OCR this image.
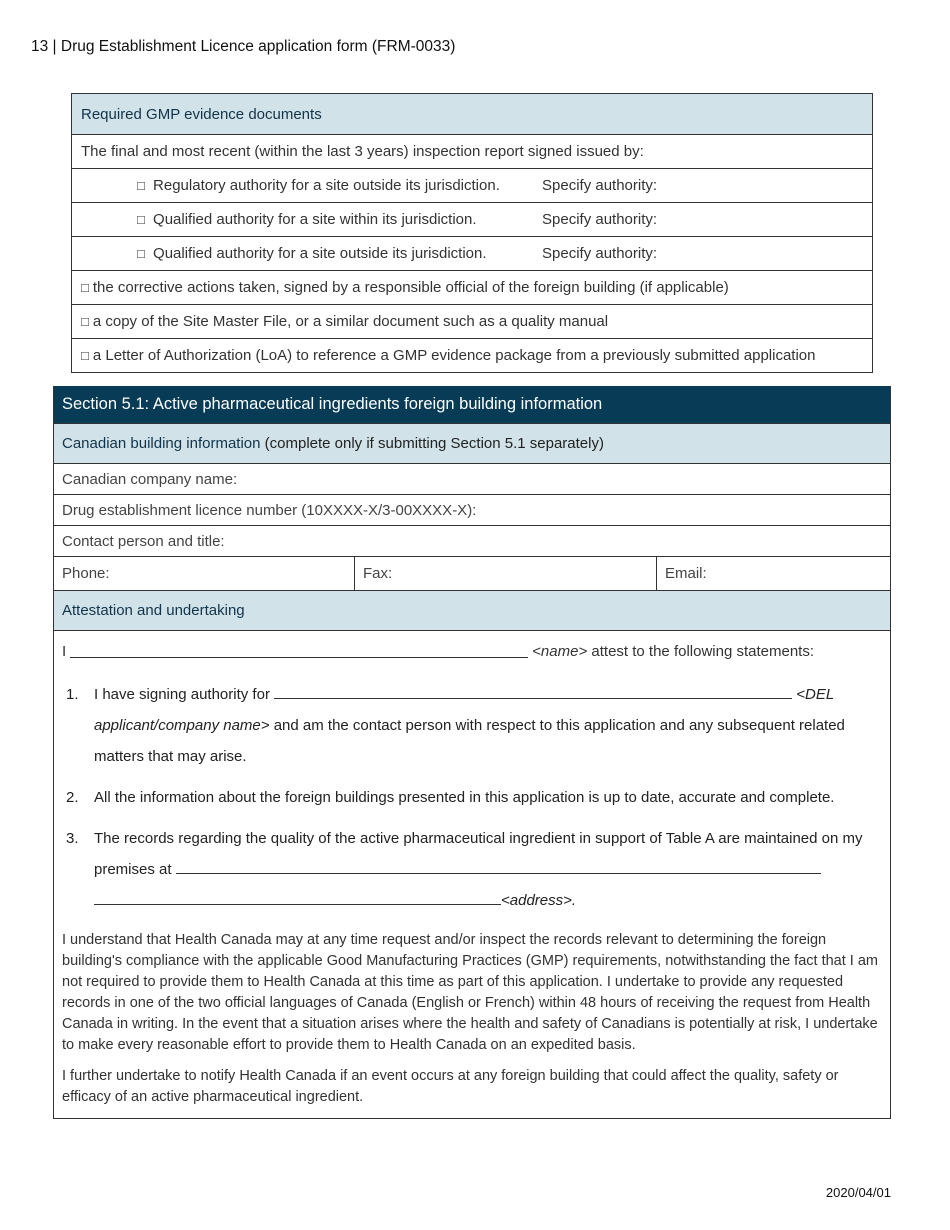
13 | Drug Establishment Licence application form (FRM-0033)
Required GMP evidence documents
The final and most recent (within the last 3 years) inspection report signed issued by:
□ Regulatory authority for a site outside its jurisdiction.	Specify authority:
□ Qualified authority for a site within its jurisdiction.	Specify authority:
□ Qualified authority for a site outside its jurisdiction.	Specify authority:
□ the corrective actions taken, signed by a responsible official of the foreign building (if applicable)
□ a copy of the Site Master File, or a similar document such as a quality manual
□ a Letter of Authorization (LoA) to reference a GMP evidence package from a previously submitted application
Section 5.1: Active pharmaceutical ingredients foreign building information
Canadian building information
(complete only if submitting Section 5.1 separately)
Canadian company name:
Drug establishment licence number (10XXXX-X/3-00XXXX-X):
Contact person and title:
Phone:	Fax:	Email:
Attestation and undertaking
I	<name>
attest to the following statements:
1.	I have signing authority for	<DEL applicant/company name> and am the contact person with respect to this application and any subsequent related matters that may arise.
2.	All the information about the foreign buildings presented in this application is up to date, accurate and complete.
3.	The records regarding the quality of the active pharmaceutical ingredient in support of Table A are maintained on my premises at  <address>.

I understand that Health Canada may at any time request and/or inspect the records relevant to determining the foreign building's compliance with the applicable Good Manufacturing Practices (GMP) requirements, notwithstanding the fact that I am not required to provide them to Health Canada at this time as part of this application. I undertake to provide any requested records in one of the two official languages of Canada (English or French) within 48 hours of receiving the request from Health Canada in writing. In the event that a situation arises where the health and safety of Canadians is potentially at risk, I undertake to make every reasonable effort to provide them to Health Canada on an expedited basis.

I further undertake to notify Health Canada if an event occurs at any foreign building that could affect the quality, safety or efficacy of an active pharmaceutical ingredient.

2020/04/01
